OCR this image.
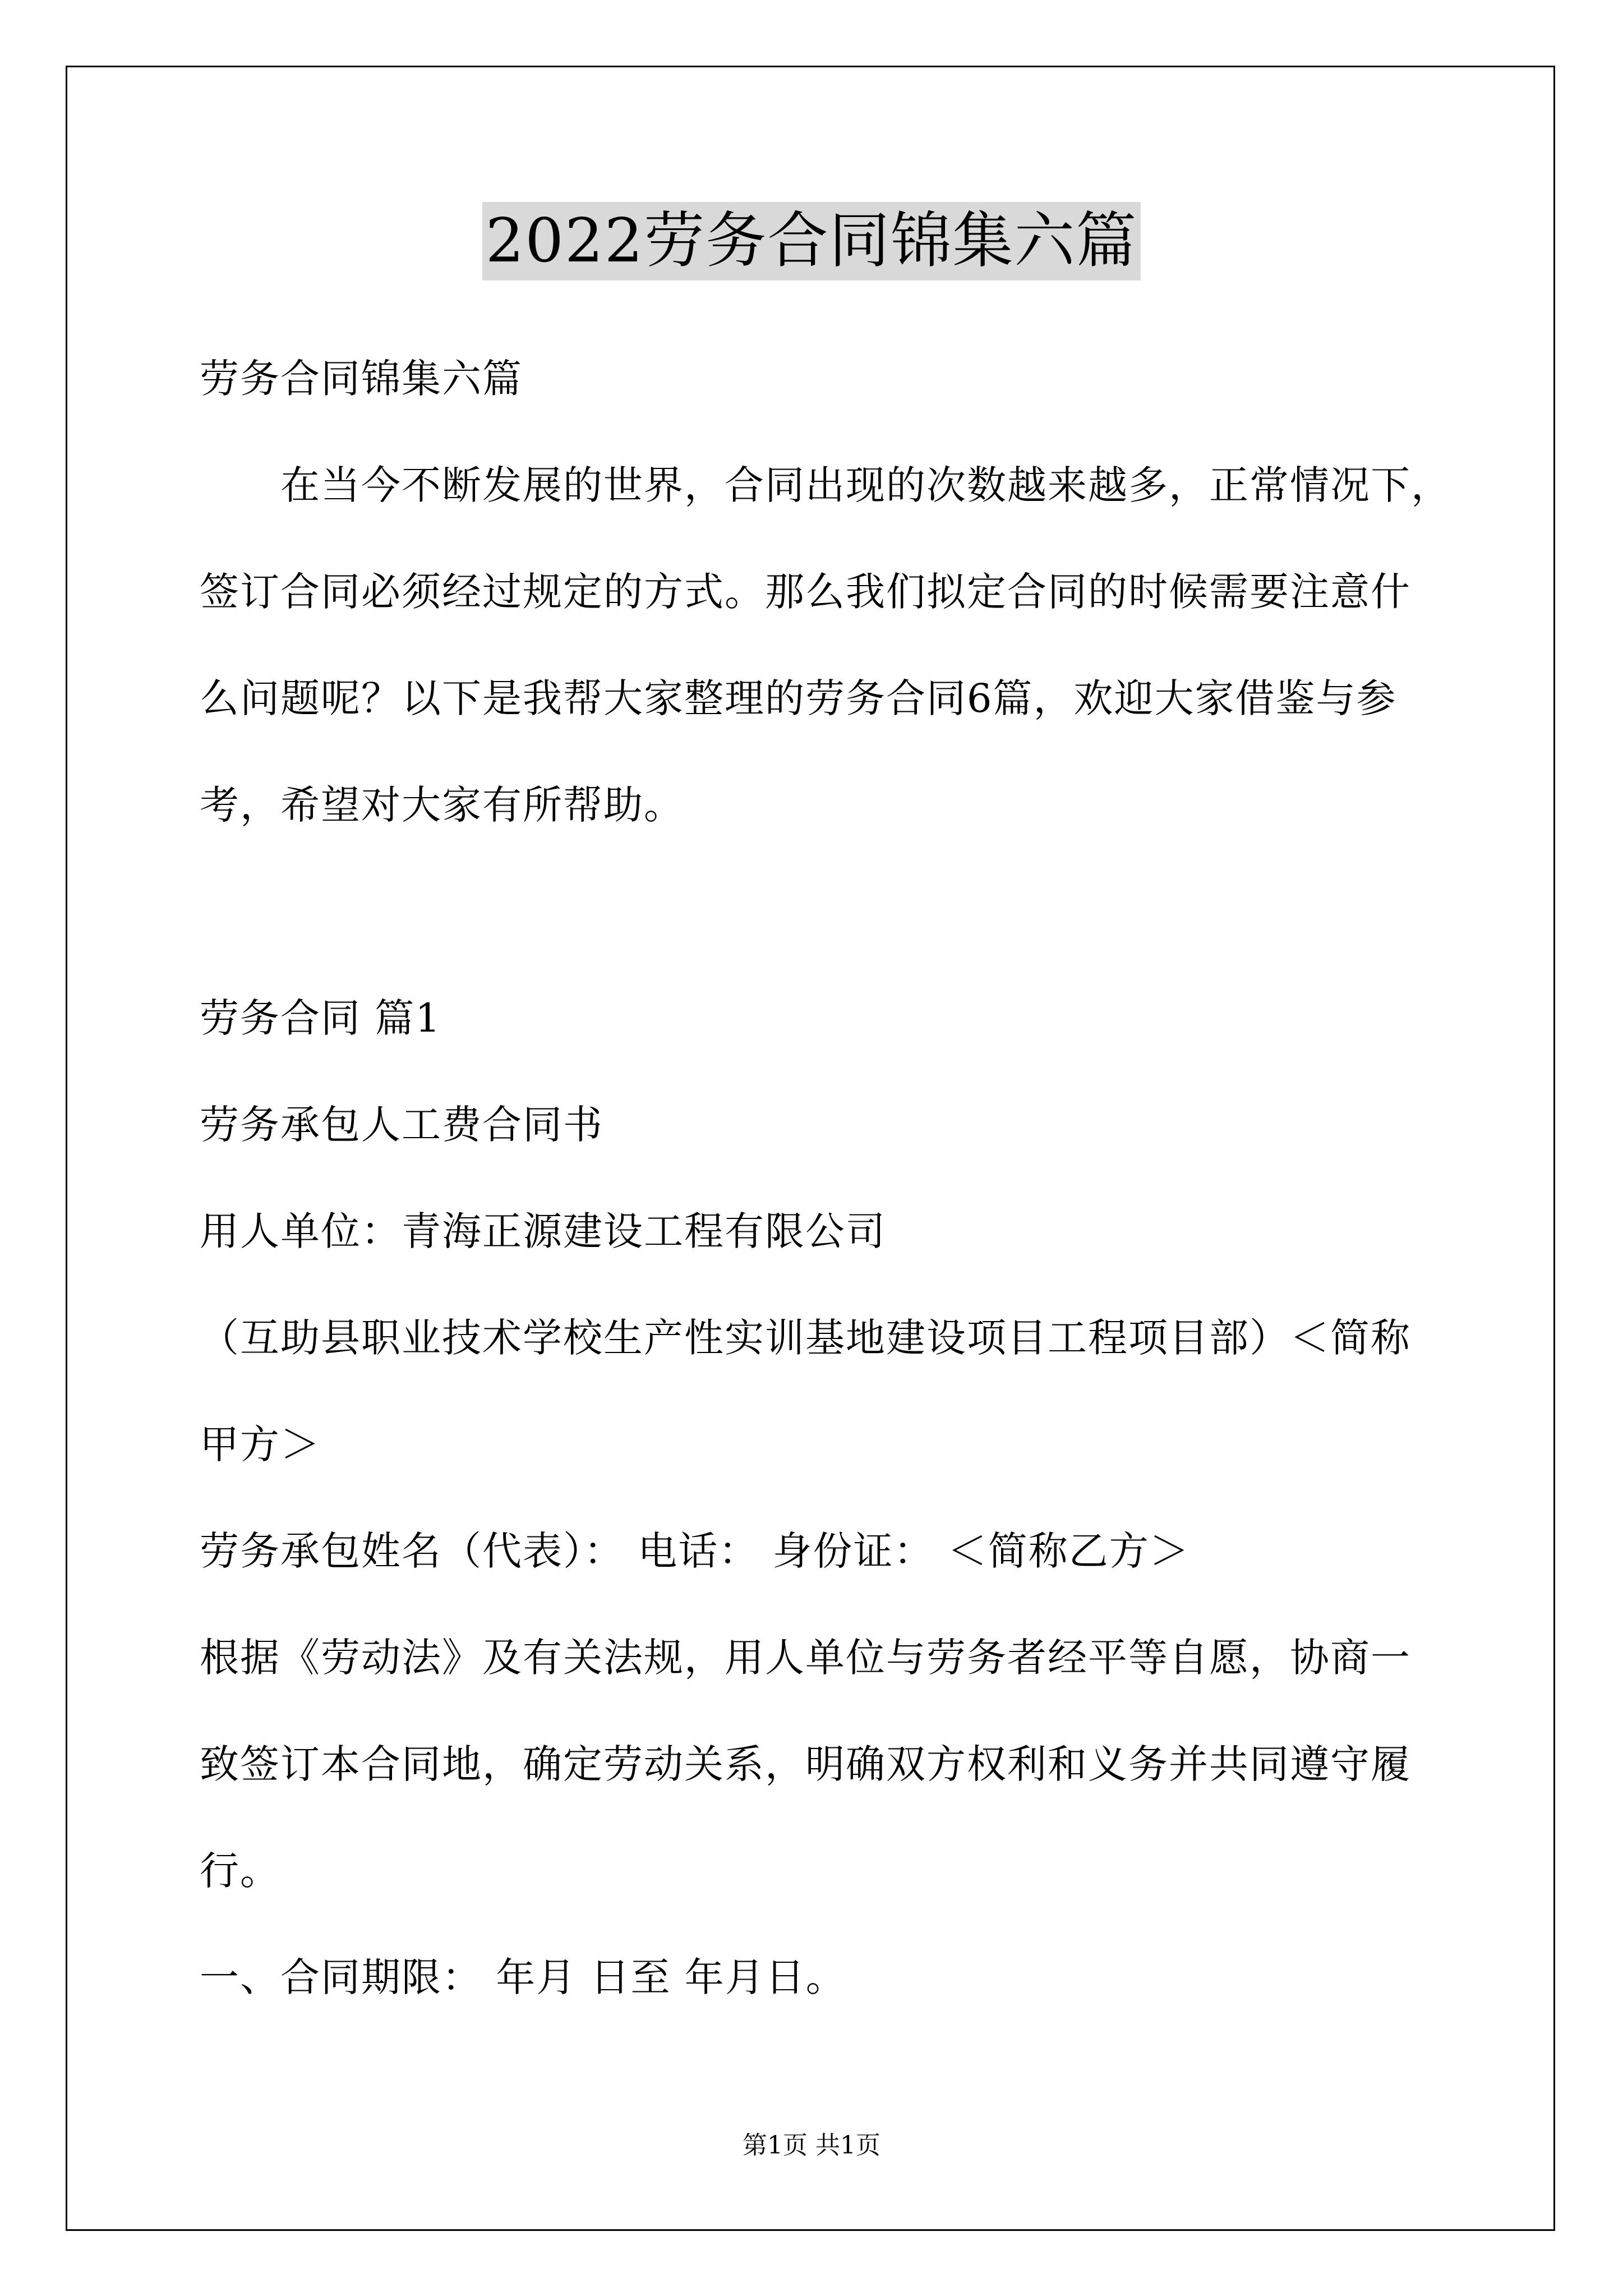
2022劳务合同锦集六篇
劳务合同锦集六篇
在当今不断发展的世界，合同出现的次数越来越多，正常情况下，
签订合同必须经过规定的方式。那么我们拟定合同的时候需要注意什
么问题呢？以下是我帮大家整理的劳务合同6篇，欢迎大家借鉴与参
考，希望对大家有所帮助。
劳务合同 篇1
劳务承包人工费合同书
用人单位：青海正源建设工程有限公司
（互助县职业技术学校生产性实训基地建设项目工程项目部）＜简称
甲方＞
劳务承包姓名（代表）： 电话： 身份证： ＜简称乙方＞
根据《劳动法》及有关法规，用人单位与劳务者经平等自愿，协商一
致签订本合同地，确定劳动关系，明确双方权利和义务并共同遵守履
行。
一、合同期限： 年月 日至 年月日。
第1页 共1页
